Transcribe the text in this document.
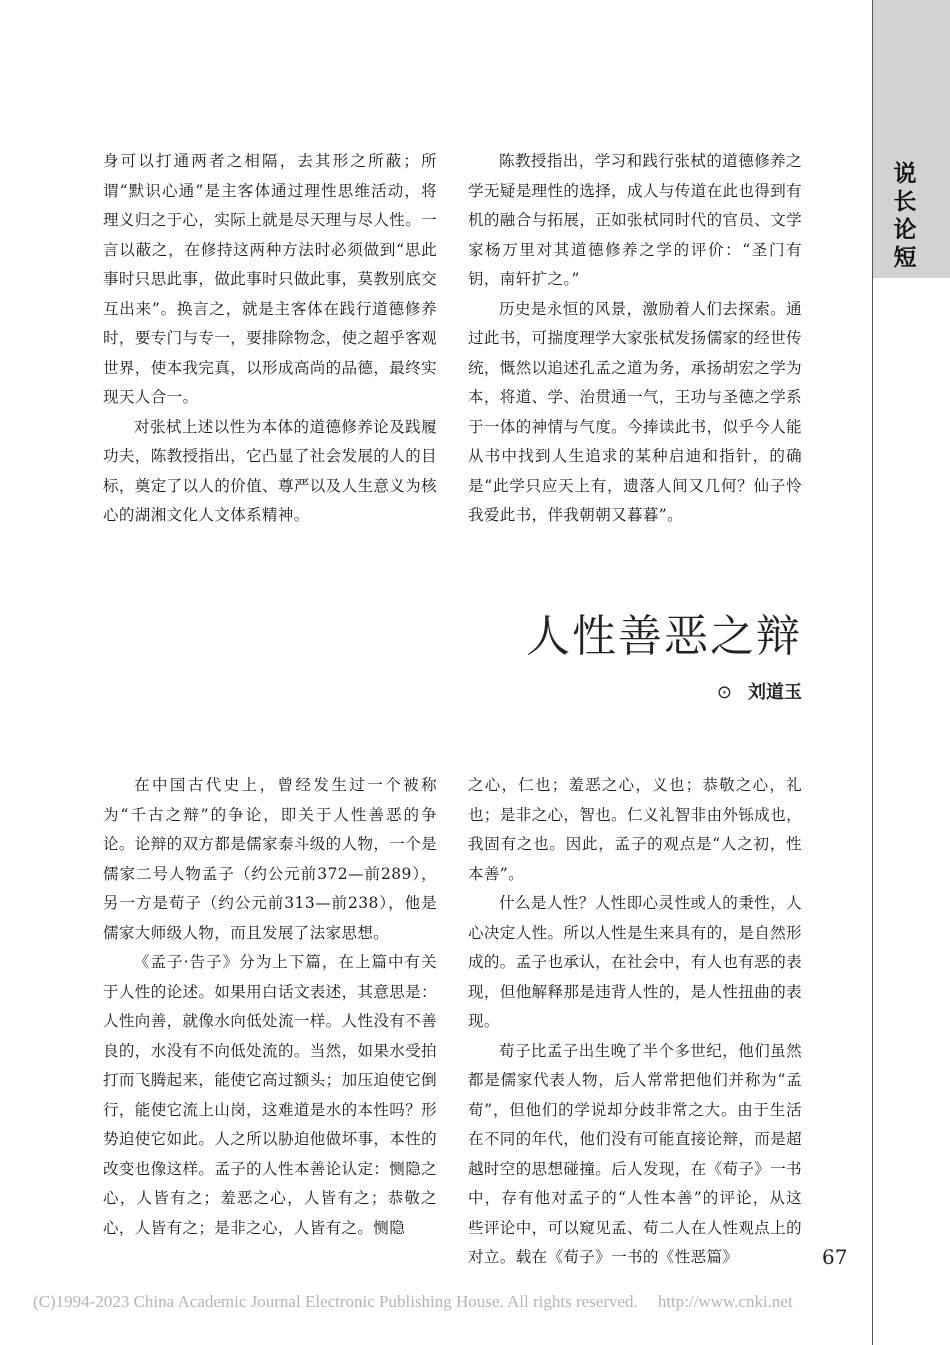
说长论短

身可以打通两者之相隔，去其形之所蔽；所谓“默识心通”是主客体通过理性思维活动，将理义归之于心，实际上就是尽天理与尽人性。一言以蔽之，在修持这两种方法时必须做到“思此事时只思此事，做此事时只做此事，莫教别底交互出来”。换言之，就是主客体在践行道德修养时，要专门与专一，要排除物念，使之超乎客观世界，使本我完真，以形成高尚的品德，最终实现天人合一。

对张栻上述以性为本体的道德修养论及践履功夫，陈教授指出，它凸显了社会发展的人的目标，奠定了以人的价值、尊严以及人生意义为核心的湖湘文化人文体系精神。

陈教授指出，学习和践行张栻的道德修养之学无疑是理性的选择，成人与传道在此也得到有机的融合与拓展，正如张栻同时代的官员、文学家杨万里对其道德修养之学的评价：“圣门有钥，南轩扩之。”

历史是永恒的风景，激励着人们去探索。通过此书，可揣度理学大家张栻发扬儒家的经世传统，慨然以追述孔孟之道为务，承扬胡宏之学为本，将道、学、治贯通一气，王功与圣德之学系于一体的神情与气度。今捧读此书，似乎今人能从书中找到人生追求的某种启迪和指针，的确是“此学只应天上有，遗落人间又几何？仙子怜我爱此书，伴我朝朝又暮暮”。

人性善恶之辩
⊙ 刘道玉

在中国古代史上，曾经发生过一个被称为“千古之辩”的争论，即关于人性善恶的争论。论辩的双方都是儒家泰斗级的人物，一个是儒家二号人物孟子（约公元前372—前289），另一方是荀子（约公元前313—前238），他是儒家大师级人物，而且发展了法家思想。

《孟子·告子》分为上下篇，在上篇中有关于人性的论述。如果用白话文表述，其意思是：人性向善，就像水向低处流一样。人性没有不善良的，水没有不向低处流的。当然，如果水受拍打而飞腾起来，能使它高过额头；加压迫使它倒行，能使它流上山岗，这难道是水的本性吗？形势迫使它如此。人之所以胁迫他做坏事，本性的改变也像这样。孟子的人性本善论认定：恻隐之心，人皆有之；羞恶之心，人皆有之；恭敬之心，人皆有之；是非之心，人皆有之。恻隐

之心，仁也；羞恶之心，义也；恭敬之心，礼也；是非之心，智也。仁义礼智非由外铄成也，我固有之也。因此，孟子的观点是“人之初，性本善”。

什么是人性？人性即心灵性或人的秉性，人心决定人性。所以人性是生来具有的，是自然形成的。孟子也承认，在社会中，有人也有恶的表现，但他解释那是违背人性的，是人性扭曲的表现。

荀子比孟子出生晚了半个多世纪，他们虽然都是儒家代表人物，后人常常把他们并称为“孟荀”，但他们的学说却分歧非常之大。由于生活在不同的年代，他们没有可能直接论辩，而是超越时空的思想碰撞。后人发现，在《荀子》一书中，存有他对孟子的“人性本善”的评论，从这些评论中，可以窥见孟、荀二人在人性观点上的对立。载在《荀子》一书的《性恶篇》	67
(C)1994-2023 China Academic Journal Electronic Publishing House. All rights reserved. http://www.cnki.net
